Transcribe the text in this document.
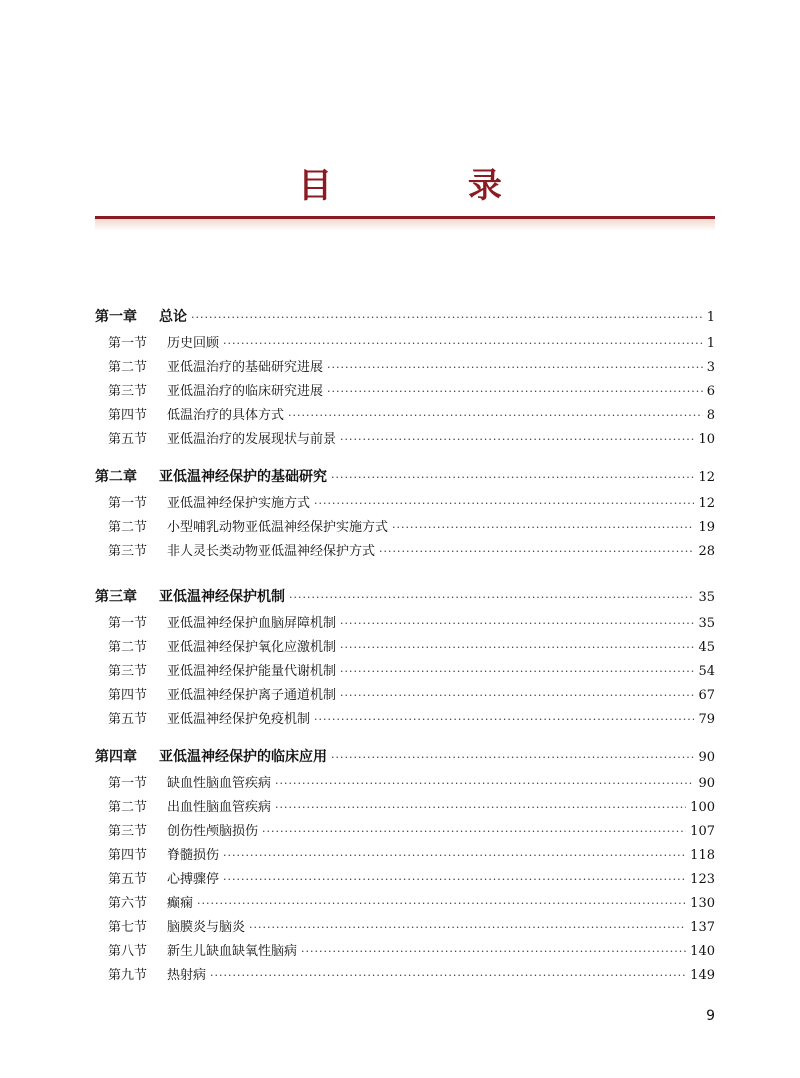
目 录
第一章	总论 ·····	1
第一节	历史回顾 ·····	1
第二节	亚低温治疗的基础研究进展 ·····	3
第三节	亚低温治疗的临床研究进展 ·····	6
第四节	低温治疗的具体方式 ·····	8
第五节	亚低温治疗的发展现状与前景 ·····	10
第二章	亚低温神经保护的基础研究 ·····	12
第一节	亚低温神经保护实施方式 ·····	12
第二节	小型哺乳动物亚低温神经保护实施方式 ·····	19
第三节	非人灵长类动物亚低温神经保护方式 ·····	28
第三章	亚低温神经保护机制 ·····	35
第一节	亚低温神经保护血脑屏障机制 ·····	35
第二节	亚低温神经保护氧化应激机制 ·····	45
第三节	亚低温神经保护能量代谢机制 ·····	54
第四节	亚低温神经保护离子通道机制 ·····	67
第五节	亚低温神经保护免疫机制 ·····	79
第四章	亚低温神经保护的临床应用 ·····	90
第一节	缺血性脑血管疾病 ·····	90
第二节	出血性脑血管疾病 ·····	100
第三节	创伤性颅脑损伤 ·····	107
第四节	脊髓损伤 ·····	118
第五节	心搏骤停 ·····	123
第六节	癫痫 ·····	130
第七节	脑膜炎与脑炎 ·····	137
第八节	新生儿缺血缺氧性脑病 ·····	140
第九节	热射病 ·····	149
9
